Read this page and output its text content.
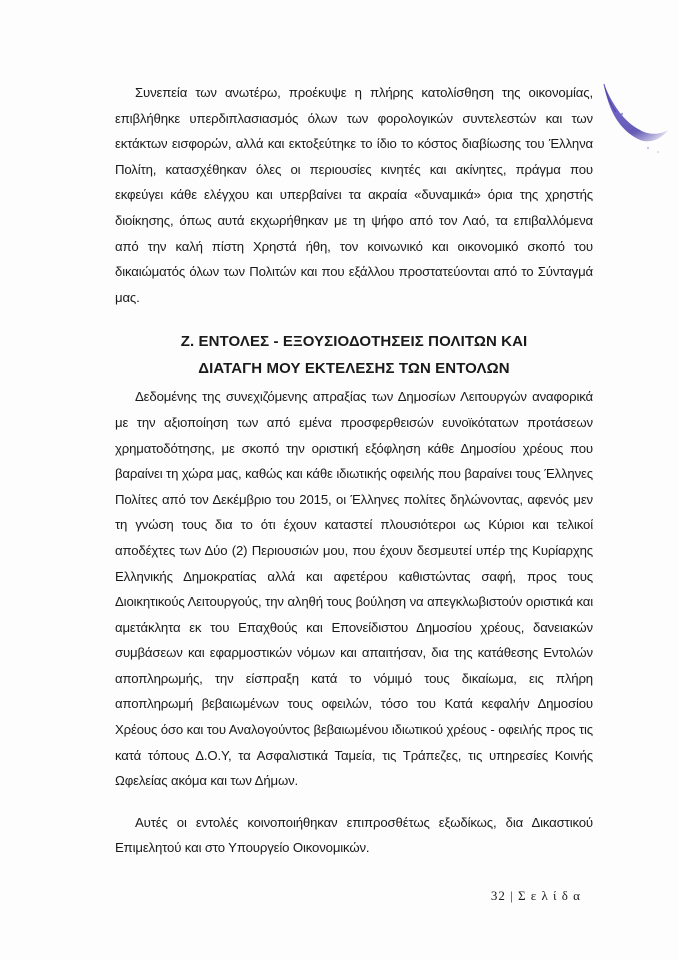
Συνεπεία των ανωτέρω, προέκυψε η πλήρης κατολίσθηση της οικονομίας, επιβλήθηκε υπερδιπλασιασμός όλων των φορολογικών συντελεστών και των εκτάκτων εισφορών, αλλά και εκτοξεύτηκε το ίδιο το κόστος διαβίωσης του Έλληνα Πολίτη, κατασχέθηκαν όλες οι περιουσίες κινητές και ακίνητες, πράγμα που εκφεύγει κάθε ελέγχου και υπερβαίνει τα ακραία «δυναμικά» όρια της χρηστής διοίκησης, όπως αυτά εκχωρήθηκαν με τη ψήφο από τον Λαό, τα επιβαλλόμενα από την καλή πίστη Χρηστά ήθη, τον κοινωνικό και οικονομικό σκοπό του δικαιώματός όλων των Πολιτών και που εξάλλου προστατεύονται από το Σύνταγμά μας.

Ζ. ΕΝΤΟΛΕΣ - ΕΞΟΥΣΙΟΔΟΤΗΣΕΙΣ ΠΟΛΙΤΩΝ ΚΑΙ
ΔΙΑΤΑΓΗ ΜΟΥ ΕΚΤΕΛΕΣΗΣ ΤΩΝ ΕΝΤΟΛΩΝ

Δεδομένης της συνεχιζόμενης απραξίας των Δημοσίων Λειτουργών αναφορικά με την αξιοποίηση των από εμένα προσφερθεισών ευνοϊκότατων προτάσεων χρηματοδότησης, με σκοπό την οριστική εξόφληση κάθε Δημοσίου χρέους που βαραίνει τη χώρα μας, καθώς και κάθε ιδιωτικής οφειλής που βαραίνει τους Έλληνες Πολίτες από τον Δεκέμβριο του 2015, οι Έλληνες πολίτες δηλώνοντας, αφενός μεν τη γνώση τους δια το ότι έχουν καταστεί πλουσιότεροι ως Κύριοι και τελικοί αποδέχτες των Δύο (2) Περιουσιών μου, που έχουν δεσμευτεί υπέρ της Κυρίαρχης Ελληνικής Δημοκρατίας αλλά και αφετέρου καθιστώντας σαφή, προς τους Διοικητικούς Λειτουργούς, την αληθή τους βούληση να απεγκλωβιστούν οριστικά και αμετάκλητα εκ του Επαχθούς και Επονείδιστου Δημοσίου χρέους, δανειακών συμβάσεων και εφαρμοστικών νόμων και απαιτήσαν, δια της κατάθεσης Εντολών αποπληρωμής, την είσπραξη κατά το νόμιμό τους δικαίωμα, εις πλήρη αποπληρωμή βεβαιωμένων τους οφειλών, τόσο του Κατά κεφαλήν Δημοσίου Χρέους όσο και του Αναλογούντος βεβαιωμένου ιδιωτικού χρέους - οφειλής προς τις κατά τόπους Δ.Ο.Υ, τα Ασφαλιστικά Ταμεία, τις Τράπεζες, τις υπηρεσίες Κοινής Ωφελείας ακόμα και των Δήμων.

Αυτές οι εντολές κοινοποιήθηκαν επιπροσθέτως εξωδίκως, δια Δικαστικού Επιμελητού και στο Υπουργείο Οικονομικών.

32 | Σ ε λ ί δ α
